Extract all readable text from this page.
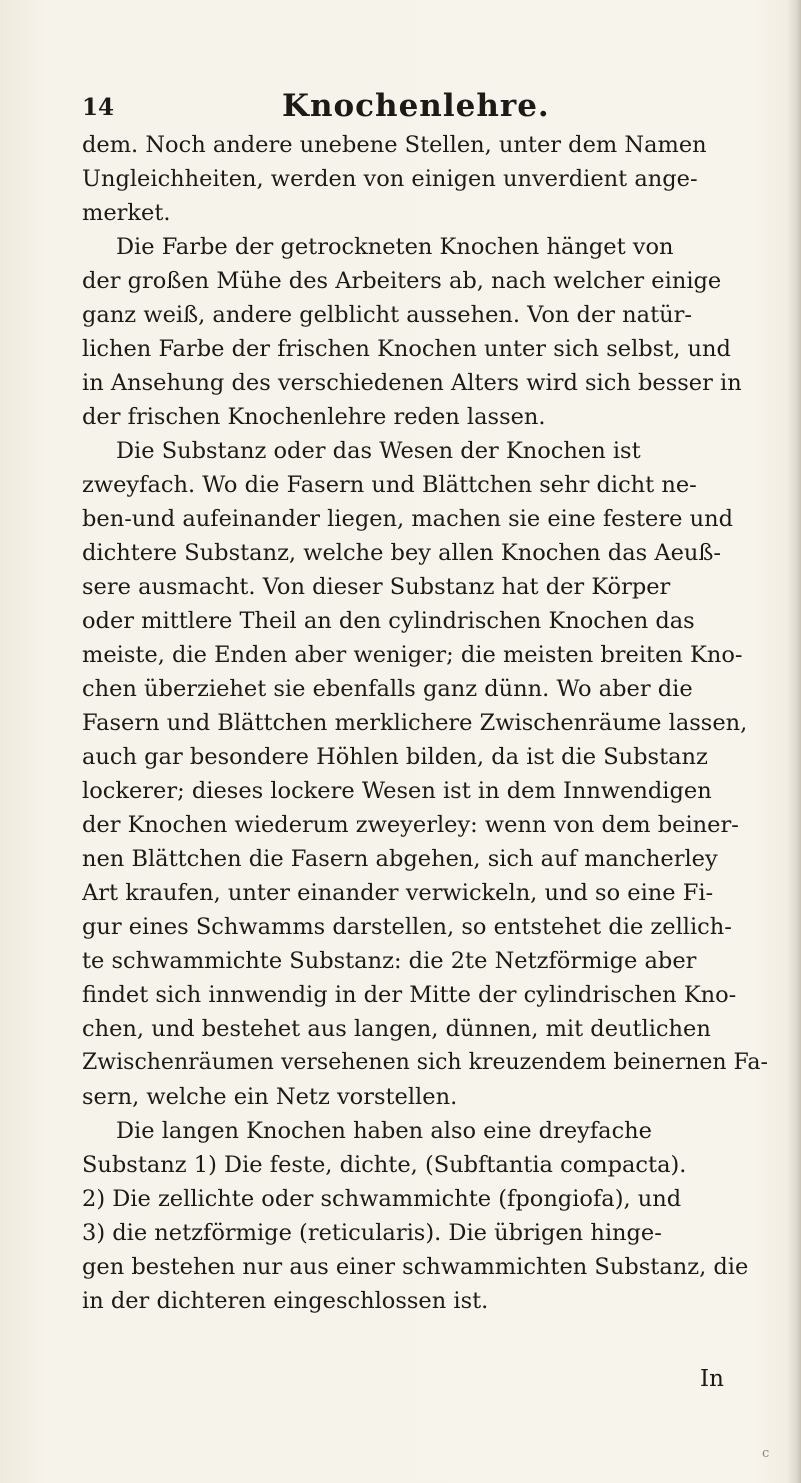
14	Knochenlehre.
dem. Noch andere unebene Stellen, unter dem Namen
Ungleichheiten, werden von einigen unverdient ange-
merket.
Die Farbe der getrockneten Knochen hänget von
der großen Mühe des Arbeiters ab, nach welcher einige
ganz weiß, andere gelblicht aussehen. Von der natür-
lichen Farbe der frischen Knochen unter sich selbst, und
in Ansehung des verschiedenen Alters wird sich besser in
der frischen Knochenlehre reden lassen.
Die Substanz oder das Wesen der Knochen ist
zweyfach. Wo die Fasern und Blättchen sehr dicht ne-
ben-und aufeinander liegen, machen sie eine festere und
dichtere Substanz, welche bey allen Knochen das Aeuß-
sere ausmacht. Von dieser Substanz hat der Körper
oder mittlere Theil an den cylindrischen Knochen das
meiste, die Enden aber weniger; die meisten breiten Kno-
chen überziehet sie ebenfalls ganz dünn. Wo aber die
Fasern und Blättchen merklichere Zwischenräume lassen,
auch gar besondere Höhlen bilden, da ist die Substanz
lockerer; dieses lockere Wesen ist in dem Innwendigen
der Knochen wiederum zweyerley: wenn von dem beiner-
nen Blättchen die Fasern abgehen, sich auf mancherley
Art kraufen, unter einander verwickeln, und so eine Fi-
gur eines Schwamms darstellen, so entstehet die zellich-
te schwammichte Substanz: die 2te Netzförmige aber
findet sich innwendig in der Mitte der cylindrischen Kno-
chen, und bestehet aus langen, dünnen, mit deutlichen
Zwischenräumen versehenen sich kreuzendem beinernen Fa-
sern, welche ein Netz vorstellen.
Die langen Knochen haben also eine dreyfache
Substanz 1) Die feste, dichte, (Subftantia compacta).
2) Die zellichte oder schwammichte (fpongiofa), und
3) die netzförmige (reticularis). Die übrigen hinge-
gen bestehen nur aus einer schwammichten Substanz, die
in der dichteren eingeschlossen ist.
In
c
